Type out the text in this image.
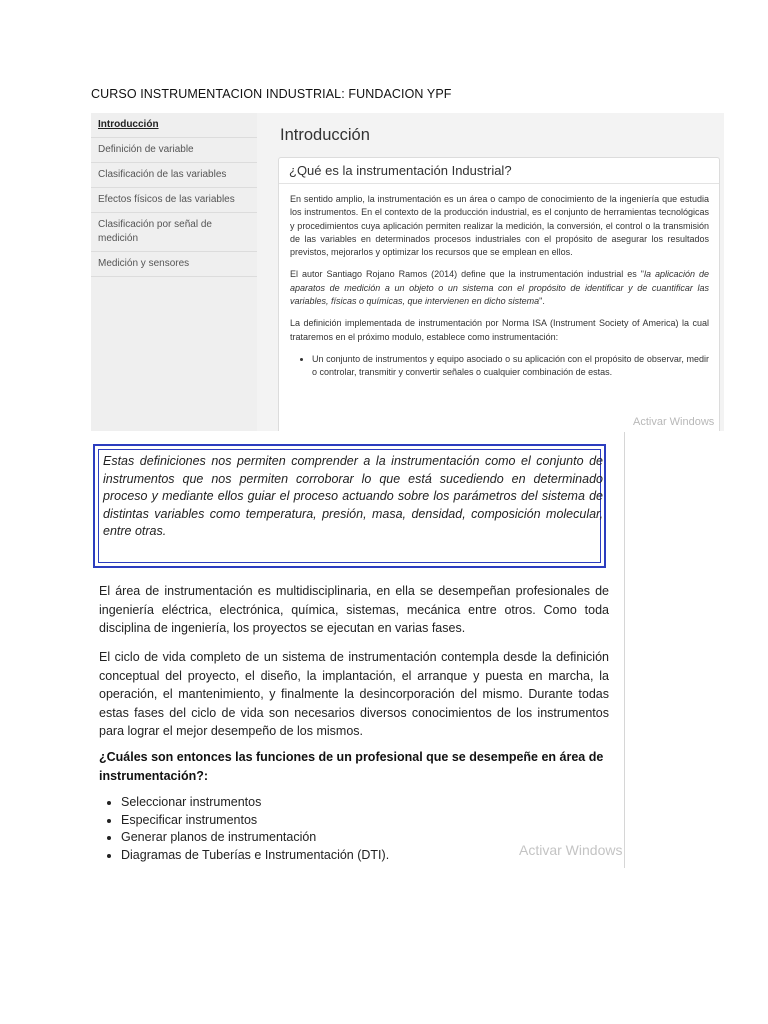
CURSO INSTRUMENTACION INDUSTRIAL: FUNDACION YPF
Introducción
Definición de variable
Clasificación de las variables
Efectos físicos de las variables
Clasificación por señal de medición
Medición y sensores
Introducción
¿Qué es la instrumentación Industrial?

En sentido amplio, la instrumentación es un área o campo de conocimiento de la ingeniería que estudia los instrumentos. En el contexto de la producción industrial, es el conjunto de herramientas tecnológicas y procedimientos cuya aplicación permiten realizar la medición, la conversión, el control o la transmisión de las variables en determinados procesos industriales con el propósito de asegurar los resultados previstos, mejorarlos y optimizar los recursos que se emplean en ellos.

El autor Santiago Rojano Ramos (2014) define que la instrumentación industrial es "la aplicación de aparatos de medición a un objeto o un sistema con el propósito de identificar y de cuantificar las variables, físicas o químicas, que intervienen en dicho sistema".

La definición implementada de instrumentación por Norma ISA (Instrument Society of America) la cual trataremos en el próximo modulo, establece como instrumentación:

• Un conjunto de instrumentos y equipo asociado o su aplicación con el propósito de observar, medir o controlar, transmitir y convertir señales o cualquier combinación de estas.
Activar Windows
Estas definiciones nos permiten comprender a la instrumentación como el conjunto de instrumentos que nos permiten corroborar lo que está sucediendo en determinado proceso y mediante ellos guiar el proceso actuando sobre los parámetros del sistema de distintas variables como temperatura, presión, masa, densidad, composición molecular, entre otras.
El área de instrumentación es multidisciplinaria, en ella se desempeñan profesionales de ingeniería eléctrica, electrónica, química, sistemas, mecánica entre otros. Como toda disciplina de ingeniería, los proyectos se ejecutan en varias fases.
El ciclo de vida completo de un sistema de instrumentación contempla desde la definición conceptual del proyecto, el diseño, la implantación, el arranque y puesta en marcha, la operación, el mantenimiento, y finalmente la desincorporación del mismo. Durante todas estas fases del ciclo de vida son necesarios diversos conocimientos de los instrumentos para lograr el mejor desempeño de los mismos.
¿Cuáles son entonces las funciones de un profesional que se desempeñe en área de instrumentación?:
• Seleccionar instrumentos
• Especificar instrumentos
• Generar planos de instrumentación
• Diagramas de Tuberías e Instrumentación (DTI).	Activar Windows
